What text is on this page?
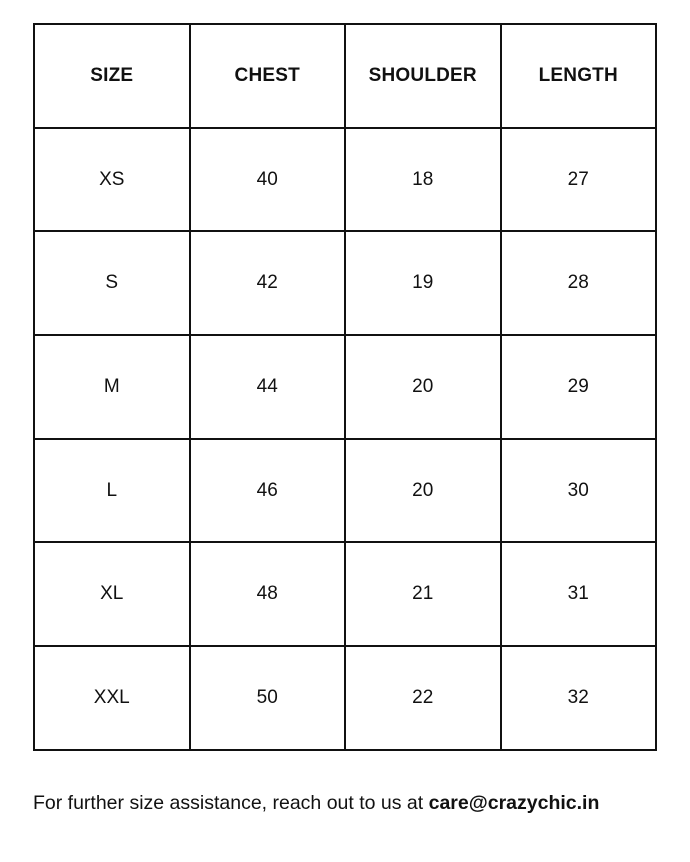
SIZE	CHEST	SHOULDER	LENGTH
XS	40	18	27
S	42	19	28
M	44	20	29
L	46	20	30
XL	48	21	31
XXL	50	22	32
For further size assistance, reach out to us at care@crazychic.in
